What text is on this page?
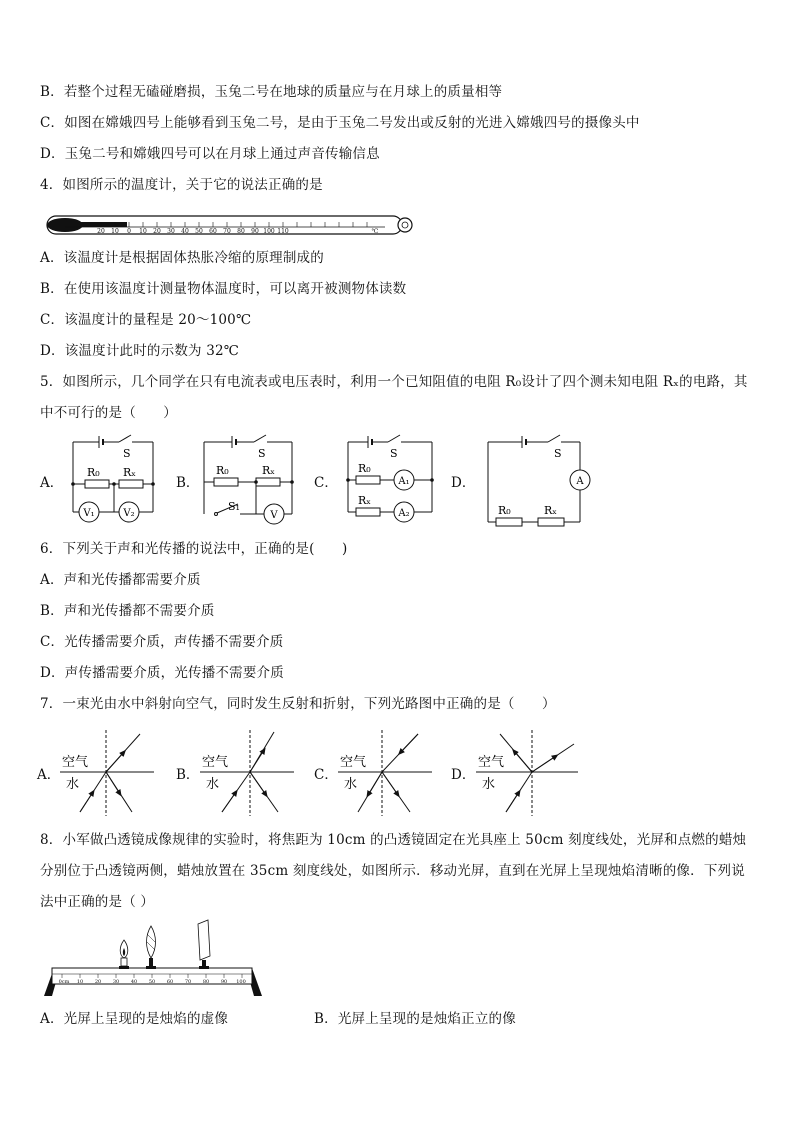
B．若整个过程无磕碰磨损，玉兔二号在地球的质量应与在月球上的质量相等
C．如图在嫦娥四号上能够看到玉兔二号，是由于玉兔二号发出或反射的光进入嫦娥四号的摄像头中
D．玉兔二号和嫦娥四号可以在月球上通过声音传输信息
4．如图所示的温度计，关于它的说法正确的是
20 10 0 10 20 30 40 50 60 70 80 90 100 110	℃
A．该温度计是根据固体热胀冷缩的原理制成的
B．在使用该温度计测量物体温度时，可以离开被测物体读数
C．该温度计的量程是 20～100℃
D．该温度计此时的示数为 32℃
5．如图所示，几个同学在只有电流表或电压表时，利用一个已知阻值的电阻 R₀设计了四个测未知电阻 Rₓ的电路，其
中不可行的是（　　）
A．
S
R₀ Rₓ
V₁	V₂
B．
S
R₀	Rₓ
S₁
V
C．
S
R₀
Rₓ
A₁
A₂
D．
S
A
R₀	Rₓ
6．下列关于声和光传播的说法中，正确的是(　　)
A．声和光传播都需要介质
B．声和光传播都不需要介质
C．光传播需要介质，声传播不需要介质
D．声传播需要介质，光传播不需要介质
7．一束光由水中斜射向空气，同时发生反射和折射，下列光路图中正确的是（　　）
A．
空气
水
B．
空气
水
C．
空气
水
D．
空气
水
8．小军做凸透镜成像规律的实验时，将焦距为 10cm 的凸透镜固定在光具座上 50cm 刻度线处，光屏和点燃的蜡烛分别位于凸透镜两侧，蜡烛放置在 35cm 刻度线处，如图所示．移动光屏，直到在光屏上呈现烛焰清晰的像．下列说法中正确的是（ ）
0cm 10 20 30 40 50 60 70 80 90 100
A．光屏上呈现的是烛焰的虚像	B．光屏上呈现的是烛焰正立的像
